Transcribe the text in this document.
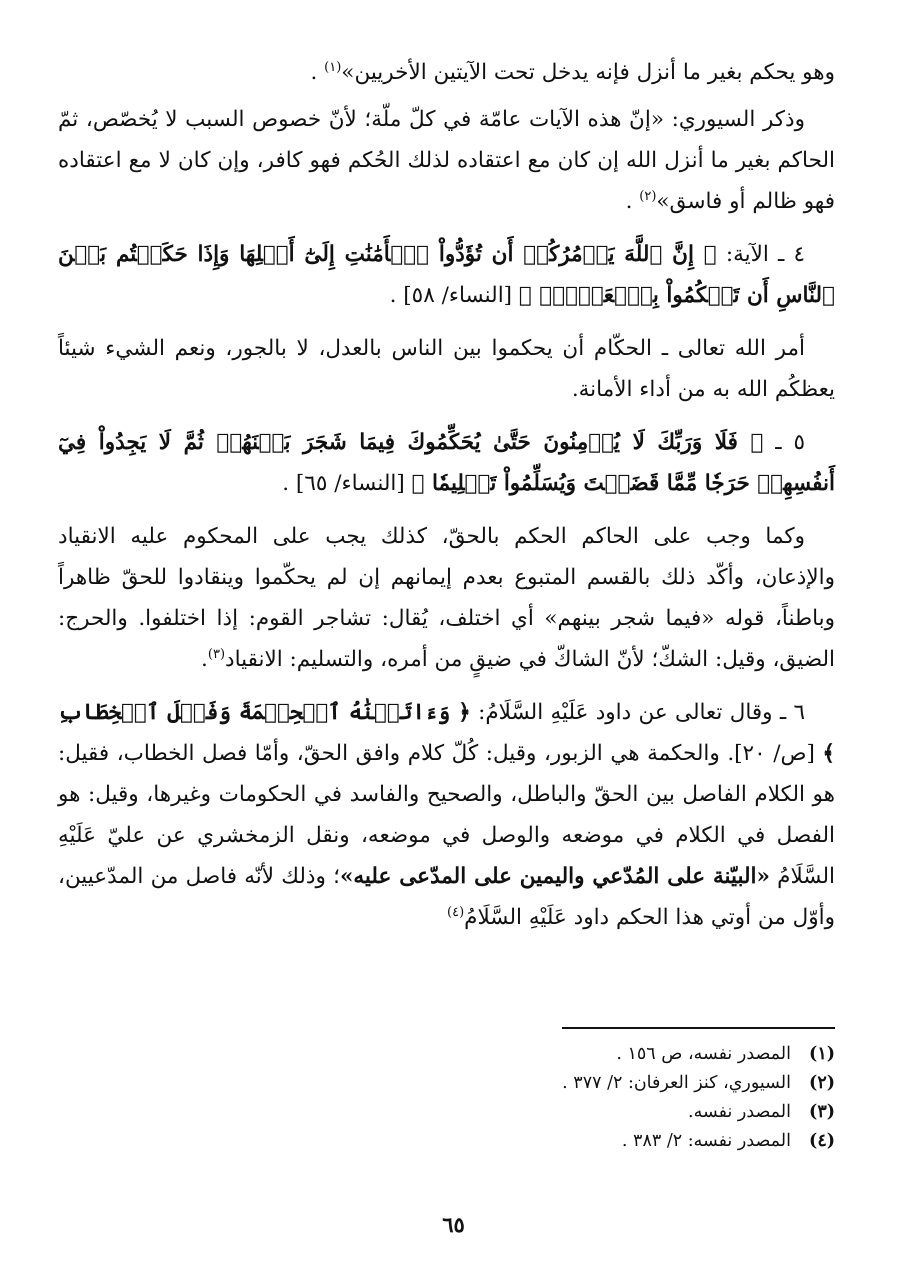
وهو يحكم بغير ما أنزل فإنه يدخل تحت الآيتين الأخريين»$^{(١)}$ .

وذكر السيوري: «إنّ هذه الآيات عامّة في كلّ ملّة؛ لأنّ خصوص السبب لا يُخصّص، ثمّ الحاكم بغير ما أنزل الله إن كان مع اعتقاده لذلك الحُكم فهو كافر، وإن كان لا مع اعتقاده فهو ظالم أو فاسق»$^{(٢)}$ .

٤ ـ الآية: ﴿ إِنَّ ٱللَّهَ يَأۡمُرُكُمۡ أَن تُؤَدُّواْ ٱلۡأَمَٰنَٰتِ إِلَىٰٓ أَهۡلِهَا وَإِذَا حَكَمۡتُم بَيۡنَ ٱلنَّاسِ أَن تَحۡكُمُواْ بِٱلۡعَدۡلِۚ ﴾ [النساء/ ٥٨] .

أمر الله تعالى ـ الحكّام أن يحكموا بين الناس بالعدل، لا بالجور، ونعم الشيء شيئاً يعظكُم الله به من أداء الأمانة.

٥ ـ ﴿ فَلَا وَرَبِّكَ لَا يُؤۡمِنُونَ حَتَّىٰ يُحَكِّمُوكَ فِيمَا شَجَرَ بَيۡنَهُمۡ ثُمَّ لَا يَجِدُواْ فِيٓ أَنفُسِهِمۡ حَرَجٗا مِّمَّا قَضَيۡتَ وَيُسَلِّمُواْ تَسۡلِيمٗا ﴾ [النساء/ ٦٥] .

وكما وجب على الحاكم الحكم بالحقّ، كذلك يجب على المحكوم عليه الانقياد والإذعان، وأكّد ذلك بالقسم المتبوع بعدم إيمانهم إن لم يحكّموا وينقادوا للحقّ ظاهراً وباطناً، قوله «فيما شجر بينهم» أي اختلف، يُقال: تشاجر القوم: إذا اختلفوا. والحرج: الضيق، وقيل: الشكّ؛ لأنّ الشاكّ في ضيقٍ من أمره، والتسليم: الانقياد$^{(٣)}$.

٦ ـ وقال تعالى عن داود عَلَيْهِ السَّلَامُ: ﴿ وَءَاتَيۡنَٰهُ ٱلۡحِكۡمَةَ وَفَصۡلَ ٱلۡخِطَابِ ﴾ [ص/ ٢٠]. والحكمة هي الزبور، وقيل: كُلّ كلام وافق الحقّ، وأمّا فصل الخطاب، فقيل: هو الكلام الفاصل بين الحقّ والباطل، والصحيح والفاسد في الحكومات وغيرها، وقيل: هو الفصل في الكلام في موضعه والوصل في موضعه، ونقل الزمخشري عن عليّ عَلَيْهِ السَّلَامُ «البيّنة على المُدّعي واليمين على المدّعى عليه»؛ وذلك لأنّه فاصل من المدّعيين، وأوّل من أوتي هذا الحكم داود عَلَيْهِ السَّلَامُ$^{(٤)}$

(١)
المصدر نفسه، ص ١٥٦ .
(٢)
السيوري، كنز العرفان: ٢/ ٣٧٧ .
(٣)
المصدر نفسه.
(٤)
المصدر نفسه: ٢/ ٣٨٣ .
٦٥
